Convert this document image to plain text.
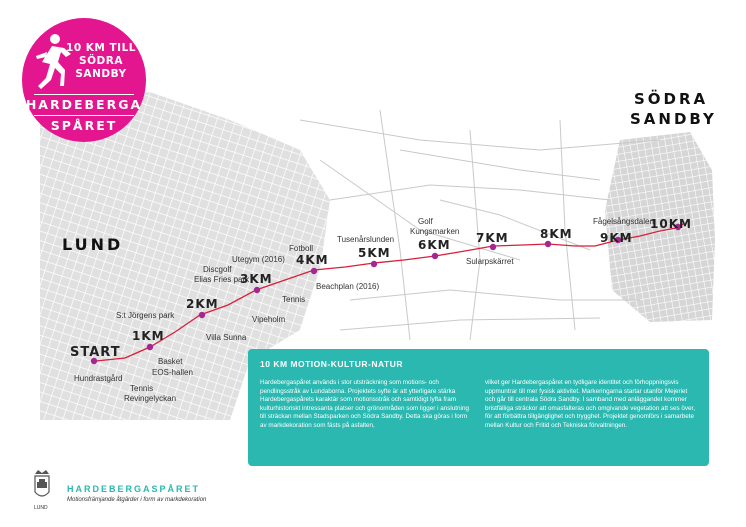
START
1KM
2KM
3KM
4KM 5KM
6KM 7KM	8KM 9KM
10KM
Hundrastgård
Tennis
Revingelyckan
Basket
EOS-hallen
Villa Sunna
S:t Jörgens park	Vipeholm
Discgolf
Elias Fries park
Utegym (2016)
Fotboll
Tennis
Beachplan (2016)
Tusenårslunden
Golf
Kungsmarken
Sularpskärret
Fågelsångsdalen
LUND
SÖDRA
SANDBY
10 KM TILL
SÖDRA
SANDBY
HARDEBERGA
SPÅRET
10 KM MOTION-KULTUR-NATUR
Hardebergaspåret används i stor utsträckning som motions- och pendlingsstråk av Lundaborna. Projektets syfte är att ytterligare stärka Hardebergaspårets karaktär som motionsstråk och samtidigt lyfta fram kulturhistoriskt intressanta platser och grönområden som ligger i anslutning till sträckan mellan Stadsparken och Södra Sandby. Detta ska göras i form av markdekoration som fästs på asfalten,
vilket ger Hardebergaspåret en tydligare identitet och förhoppningsvis uppmuntrar till mer fysisk aktivitet. Markeringarna startar utanför Mejeriet och går till centrala Södra Sandby. I samband med anläggandet kommer bristfälliga sträckor att omasfalteras och omgivande vegetation att ses över, för att förbättra tillgänglighet och trygghet. Projektet genomförs i samarbete mellan Kultur och Fritid och Tekniska förvaltningen.
LUND
HARDEBERGASPÅRET
Motionsfrämjande åtgärder i form av markdekoration
